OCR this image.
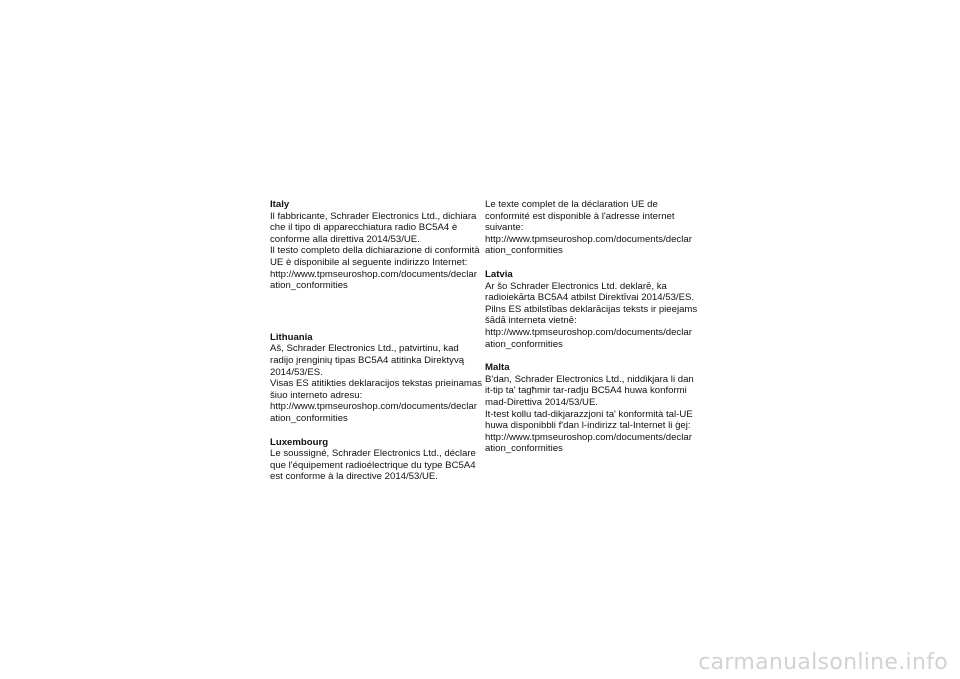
Italy

Il fabbricante, Schrader Electronics Ltd., dichiara
che il tipo di apparecchiatura radio BC5A4 è
conforme alla direttiva 2014/53/UE.
Il testo completo della dichiarazione di conformità
UE è disponibile al seguente indirizzo Internet:
http://www.tpmseuroshop.com/documents/declar
ation_conformities

Lithuania

Aš, Schrader Electronics Ltd., patvirtinu, kad
radijo įrenginių tipas BC5A4 atitinka Direktyvą
2014/53/ES.
Visas ES atitikties deklaracijos tekstas prieinamas
šiuo interneto adresu:
http://www.tpmseuroshop.com/documents/declar
ation_conformities

Luxembourg

Le soussigné, Schrader Electronics Ltd., déclare
que l'équipement radioélectrique du type BC5A4
est conforme à la directive 2014/53/UE.

Le texte complet de la déclaration UE de
conformité est disponible à l'adresse internet
suivante:
http://www.tpmseuroshop.com/documents/declar
ation_conformities

Latvia

Ar šo Schrader Electronics Ltd. deklarē, ka
radioiekārta BC5A4 atbilst Direktīvai 2014/53/ES.
Pilns ES atbilstības deklarācijas teksts ir pieejams
šādā interneta vietnē:
http://www.tpmseuroshop.com/documents/declar
ation_conformities

Malta

B'dan, Schrader Electronics Ltd., niddikjara li dan
it-tip ta' tagħmir tar-radju BC5A4 huwa konformi
mad-Direttiva 2014/53/UE.
It-test kollu tad-dikjarazzjoni ta' konformità tal-UE
huwa disponibbli f'dan l-indirizz tal-Internet li ġej:
http://www.tpmseuroshop.com/documents/declar
ation_conformities

carmanualsonline.info
